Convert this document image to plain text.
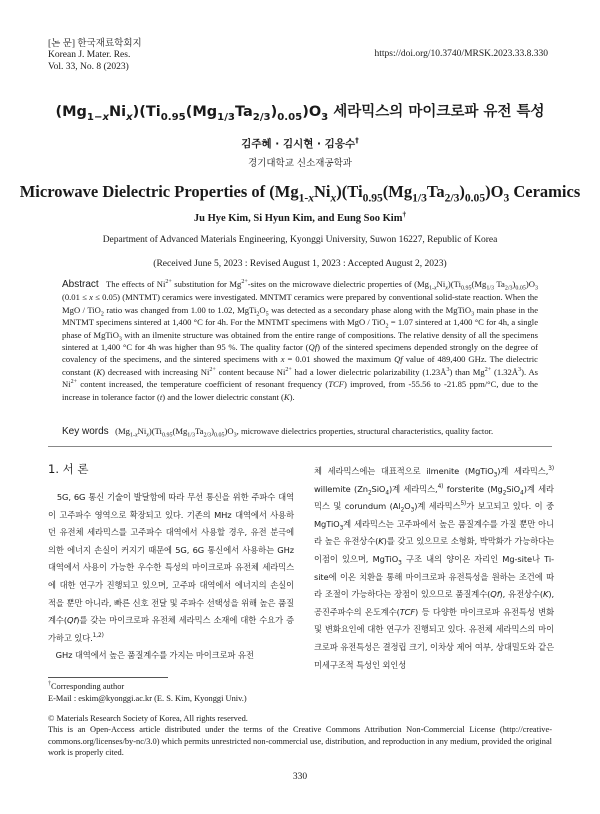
[논 문] 한국재료학회지
Korean J. Mater. Res.
Vol. 33, No. 8 (2023)
https://doi.org/10.3740/MRSK.2023.33.8.330
$(Mg_{1-x}Ni_x)(Ti_{0.95}(Mg_{1/3}Ta_{2/3})_{0.05})O_3$ 세라믹스의 마이크로파 유전 특성
김주혜 · 김시현 · 김응수†
경기대학교 신소재공학과
Microwave Dielectric Properties of $(Mg_{1-x}Ni_x)(Ti_{0.95}(Mg_{1/3}Ta_{2/3})_{0.05})O_3$ Ceramics
Ju Hye Kim, Si Hyun Kim, and Eung Soo Kim†
Department of Advanced Materials Engineering, Kyonggi University, Suwon 16227, Republic of Korea
(Received June 5, 2023 : Revised August 1, 2023 : Accepted August 2, 2023)
Abstract   The effects of $Ni^{2+}$ substitution for $Mg^{2+}$-sites on the microwave dielectric properties of $(Mg_{1-x}Ni_x)(Ti_{0.95}(Mg_{1/3}$ $Ta_{2/3})_{0.05})O_3$ (0.01 ≤ x ≤ 0.05) (MNTMT) ceramics were investigated. MNTMT ceramics were prepared by conventional solid-state reaction. When the MgO / TiO$_2$ ratio was changed from 1.00 to 1.02, $MgTi_2O_5$ was detected as a secondary phase along with the MgTiO$_3$ main phase in the MNTMT specimens sintered at 1,400 °C for 4h. For the MNTMT specimens with MgO / TiO$_2$ = 1.07 sintered at 1,400 °C for 4h, a single phase of MgTiO$_3$ with an ilmenite structure was obtained from the entire range of compositions. The relative density of all the specimens sintered at 1,400 °C for 4h was higher than 95 %. The quality factor (Qf) of the sintered specimens depended strongly on the degree of covalency of the specimens, and the sintered specimens with x = 0.01 showed the maximum Qf value of 489,400 GHz. The dielectric constant (K) decreased with increasing $Ni^{2+}$ content because $Ni^{2+}$ had a lower dielectric polarizability $(1.23Å^3)$ than $Mg^{2+}$ $(1.32Å^3)$. As $Ni^{2+}$ content increased, the temperature coefficient of resonant frequency (TCF) improved, from -55.56 to -21.85 ppm/°C, due to the increase in tolerance factor (t) and the lower dielectric constant (K).
Key words   $(Mg_{1-x}Ni_x)(Ti_{0.95}(Mg_{1/3}Ta_{2/3})_{0.05})O_3$, microwave dielectrics properties, structural characteristics, quality factor.
1. 서 론

5G, 6G 통신 기술이 발달함에 따라 무선 통신을 위한 주파수 대역이 고주파수 영역으로 확장되고 있다. 기존의 MHz 대역에서 사용하던 유전체 세라믹스를 고주파수 대역에서 사용할 경우, 유전 분극에 의한 에너지 손실이 커지기 때문에 5G, 6G 통신에서 사용하는 GHz 대역에서 사용이 가능한 우수한 특성의 마이크로파 유전체 세라믹스에 대한 연구가 진행되고 있으며, 고주파 대역에서 에너지의 손실이 적을 뿐만 아니라, 빠른 신호 전달 및 주파수 선택성을 위해 높은 품질계수(Qf)를 갖는 마이크로파 유전체 세라믹스 소재에 대한 수요가 증가하고 있다.$^{1,2)}$

GHz 대역에서 높은 품질계수를 가지는 마이크로파 유전

체 세라믹스에는 대표적으로 ilmenite (MgTiO$_3$)계 세라믹스,$^{3)}$ willemite $(Zn_2SiO_4)$계 세라믹스,$^{4)}$ forsterite $(Mg_2SiO_4)$계 세라믹스 및 corundum $(Al_2O_3)$계 세라믹스$^{5)}$가 보고되고 있다. 이 중 MgTiO$_3$계 세라믹스는 고주파에서 높은 품질계수를 가질 뿐만 아니라 높은 유전상수(K)를 갖고 있으므로 소형화, 박막화가 가능하다는 이점이 있으며, MgTiO$_3$ 구조 내의 양이온 자리인 Mg-site나 Ti-site에 이온 치환을 통해 마이크로파 유전특성을 원하는 조건에 따라 조절이 가능하다는 장점이 있으므로 품질계수(Qf), 유전상수(K), 공진주파수의 온도계수(TCF) 등 다양한 마이크로파 유전특성 변화 및 변화요인에 대한 연구가 진행되고 있다. 유전체 세라믹스의 마이크로파 유전특성은 결정립 크기, 이차상 제어 여부, 상대밀도와 같은 미세구조적 특성인 외인성

†Corresponding author
E-Mail : eskim@kyonggi.ac.kr (E. S. Kim, Kyonggi Univ.)
© Materials Research Society of Korea, All rights reserved.
This is an Open-Access article distributed under the terms of the Creative Commons Attribution Non-Commercial License (http://creative-commons.org/licenses/by-nc/3.0) which permits unrestricted non-commercial use, distribution, and reproduction in any medium, provided the original work is properly cited.
330
